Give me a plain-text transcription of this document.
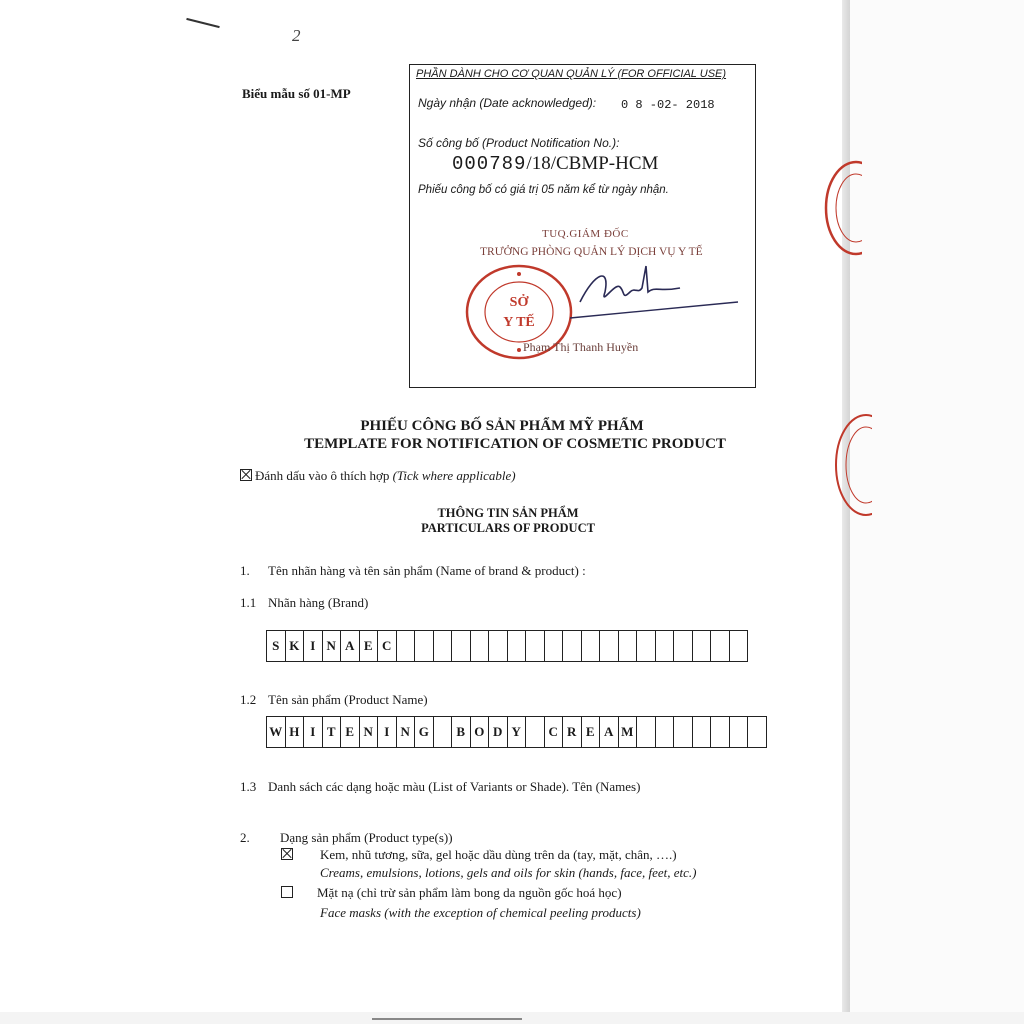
2
Biểu mẫu số 01-MP
PHẦN DÀNH CHO CƠ QUAN QUẢN LÝ (FOR OFFICIAL USE)
Ngày nhận (Date acknowledged): 0 8 -02- 2018
Số công bố (Product Notification No.):
000789/18/CBMP-HCM
Phiếu công bố có giá trị 05 năm kể từ ngày nhận.
TUQ.GIÁM ĐỐC
TRƯỞNG PHÒNG QUẢN LÝ DỊCH VỤ Y TẾ
SỞ
Y TẾ
Phạm Thị Thanh Huyền
PHIẾU CÔNG BỐ SẢN PHẨM MỸ PHẨM
TEMPLATE FOR NOTIFICATION OF COSMETIC PRODUCT
Đánh dấu vào ô thích hợp (Tick where applicable)
THÔNG TIN SẢN PHẨM
PARTICULARS OF PRODUCT
1. Tên nhãn hàng và tên sản phẩm (Name of brand & product) :
1.1 Nhãn hàng (Brand)
S K I N A E C
1.2 Tên sản phẩm (Product Name)
W H I T E N I N G	B O D Y	C R E A M
1.3 Danh sách các dạng hoặc màu (List of Variants or Shade). Tên (Names)
2. Dạng sản phẩm (Product type(s))
Kem, nhũ tương, sữa, gel hoặc dầu dùng trên da (tay, mặt, chân, ….)
Creams, emulsions, lotions, gels and oils for skin (hands, face, feet, etc.)
Mặt nạ (chỉ trừ sản phẩm làm bong da nguồn gốc hoá học)
Face masks (with the exception of chemical peeling products)
